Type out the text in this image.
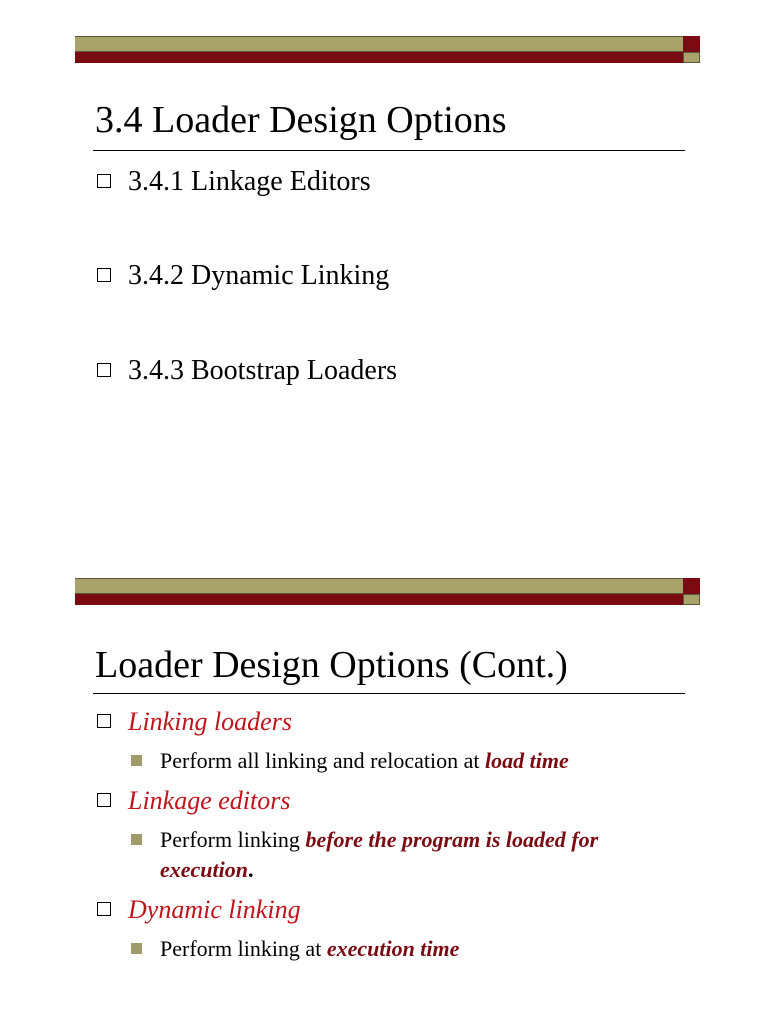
3.4 Loader Design Options
3.4.1 Linkage Editors
3.4.2 Dynamic Linking
3.4.3 Bootstrap Loaders
Loader Design Options (Cont.)
Linking loaders

Perform all linking and relocation at load time

Linkage editors

Perform linking before the program is loaded for

execution.

Dynamic linking

Perform linking at execution time
